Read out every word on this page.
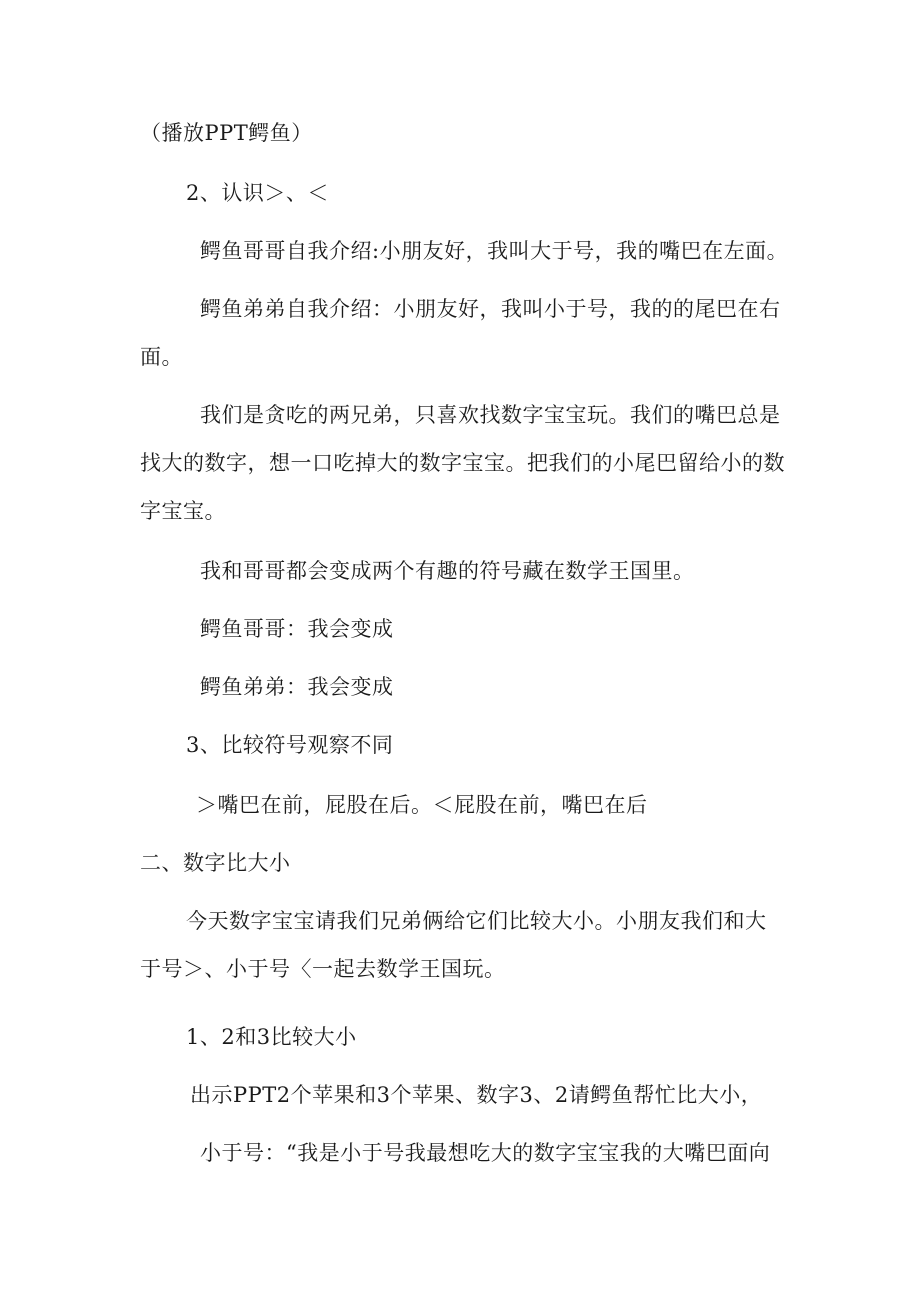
（播放PPT鳄鱼）
2、认识＞、＜
鳄鱼哥哥自我介绍:小朋友好，我叫大于号，我的嘴巴在左面。
鳄鱼弟弟自我介绍：小朋友好，我叫小于号，我的的尾巴在右
面。
我们是贪吃的两兄弟，只喜欢找数字宝宝玩。我们的嘴巴总是
找大的数字，想一口吃掉大的数字宝宝。把我们的小尾巴留给小的数
字宝宝。
我和哥哥都会变成两个有趣的符号藏在数学王国里。
鳄鱼哥哥：我会变成
鳄鱼弟弟：我会变成
3、比较符号观察不同
＞嘴巴在前，屁股在后。＜屁股在前，嘴巴在后
二、数字比大小
今天数字宝宝请我们兄弟俩给它们比较大小。小朋友我们和大
于号＞、小于号〈一起去数学王国玩。
1、2和3比较大小
出示PPT2个苹果和3个苹果、数字3、2请鳄鱼帮忙比大小，
小于号：“我是小于号我最想吃大的数字宝宝我的大嘴巴面向
